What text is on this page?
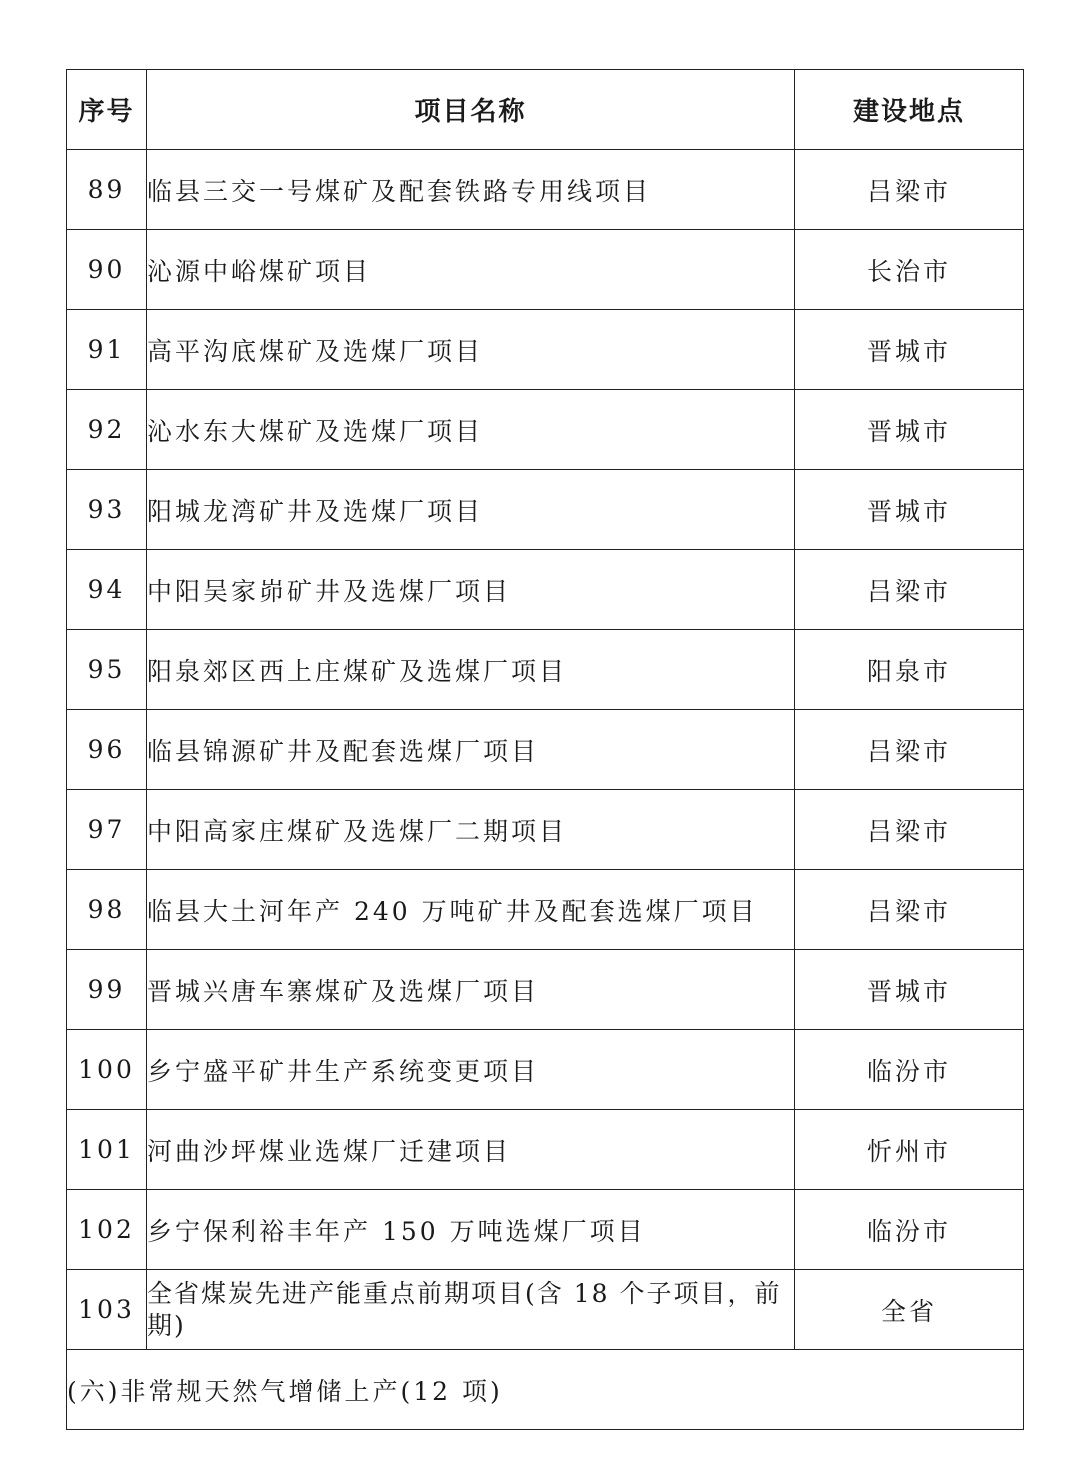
序号	项目名称	建设地点
89	临县三交一号煤矿及配套铁路专用线项目	吕梁市
90	沁源中峪煤矿项目	长治市
91	高平沟底煤矿及选煤厂项目	晋城市
92	沁水东大煤矿及选煤厂项目	晋城市
93	阳城龙湾矿井及选煤厂项目	晋城市
94	中阳吴家峁矿井及选煤厂项目	吕梁市
95	阳泉郊区西上庄煤矿及选煤厂项目	阳泉市
96	临县锦源矿井及配套选煤厂项目	吕梁市
97	中阳高家庄煤矿及选煤厂二期项目	吕梁市
98	临县大土河年产 240 万吨矿井及配套选煤厂项目	吕梁市
99	晋城兴唐车寨煤矿及选煤厂项目	晋城市
100	乡宁盛平矿井生产系统变更项目	临汾市
101	河曲沙坪煤业选煤厂迁建项目	忻州市
102	乡宁保利裕丰年产 150 万吨选煤厂项目	临汾市
103	全省煤炭先进产能重点前期项目(含 18 个子项目，前期)	全省
(六)非常规天然气增储上产(12 项)		
